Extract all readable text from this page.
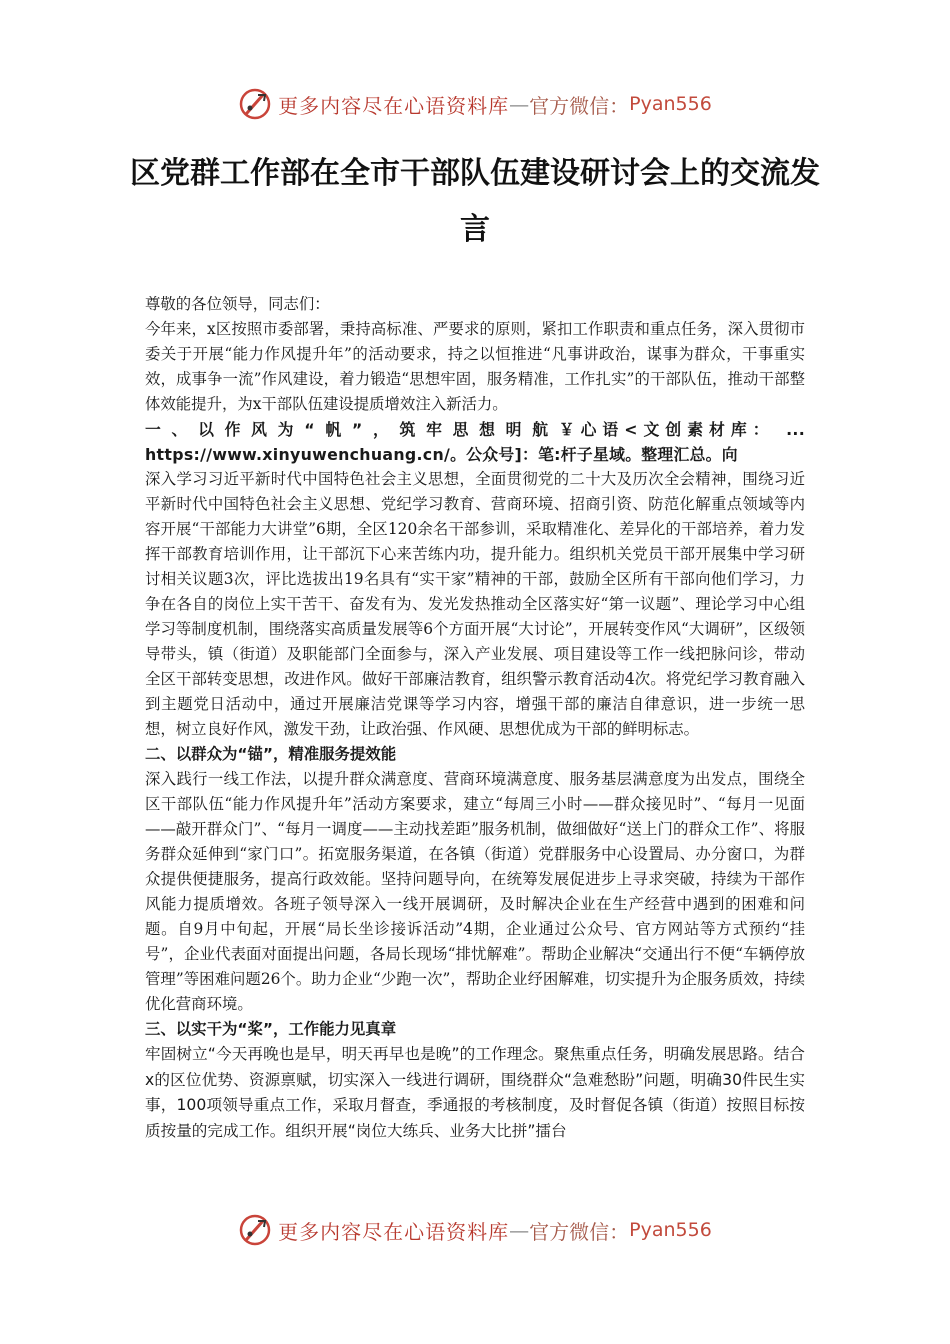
更多内容尽在心语资料库 — 官方微信： Pyan556
区党群工作部在全市干部队伍建设研讨会上的交流发言

尊敬的各位领导，同志们：

今年来，x区按照市委部署，秉持高标准、严要求的原则，紧扣工作职责和重点任务，深入贯彻市委关于开展“能力作风提升年”的活动要求，持之以恒推进“凡事讲政治，谋事为群众，干事重实效，成事争一流”作风建设，着力锻造“思想牢固，服务精准，工作扎实”的干部队伍，推动干部整体效能提升，为x干部队伍建设提质增效注入新活力。

一、以作风为“帆”，筑牢思想明航￥心语<文创素材库： ... https://www.xinyuwenchuang.cn/。公众号]：笔:杆子星域。整理汇总。向

深入学习习近平新时代中国特色社会主义思想，全面贯彻党的二十大及历次全会精神，围绕习近平新时代中国特色社会主义思想、党纪学习教育、营商环境、招商引资、防范化解重点领域等内容开展“干部能力大讲堂”6期，全区120余名干部参训，采取精准化、差异化的干部培养，着力发挥干部教育培训作用，让干部沉下心来苦练内功，提升能力。组织机关党员干部开展集中学习研讨相关议题3次，评比选拔出19名具有“实干家”精神的干部，鼓励全区所有干部向他们学习，力争在各自的岗位上实干苦干、奋发有为、发光发热推动全区落实好“第一议题”、理论学习中心组学习等制度机制，围绕落实高质量发展等6个方面开展“大讨论”，开展转变作风“大调研”，区级领导带头，镇（街道）及职能部门全面参与，深入产业发展、项目建设等工作一线把脉问诊，带动全区干部转变思想，改进作风。做好干部廉洁教育，组织警示教育活动4次。将党纪学习教育融入到主题党日活动中，通过开展廉洁党课等学习内容，增强干部的廉洁自律意识，进一步统一思想，树立良好作风，激发干劲，让政治强、作风硬、思想优成为干部的鲜明标志。

二、以群众为“锚”，精准服务提效能

深入践行一线工作法，以提升群众满意度、营商环境满意度、服务基层满意度为出发点，围绕全区干部队伍“能力作风提升年”活动方案要求，建立“每周三小时——群众接见时”、“每月一见面——敲开群众门”、“每月一调度——主动找差距”服务机制，做细做好“送上门的群众工作”、将服务群众延伸到“家门口”。拓宽服务渠道，在各镇（街道）党群服务中心设置局、办分窗口，为群众提供便捷服务，提高行政效能。坚持问题导向，在统筹发展促进步上寻求突破，持续为干部作风能力提质增效。各班子领导深入一线开展调研，及时解决企业在生产经营中遇到的困难和问题。自9月中旬起，开展“局长坐诊接诉活动”4期，企业通过公众号、官方网站等方式预约“挂号”，企业代表面对面提出问题，各局长现场“排忧解难”。帮助企业解决“交通出行不便“车辆停放管理”等困难问题26个。助力企业“少跑一次”，帮助企业纾困解难，切实提升为企服务质效，持续优化营商环境。

三、以实干为“桨”，工作能力见真章

牢固树立“今天再晚也是早，明天再早也是晚”的工作理念。聚焦重点任务，明确发展思路。结合x的区位优势、资源禀赋，切实深入一线进行调研，围绕群众“急难愁盼”问题，明确30件民生实事，100项领导重点工作，采取月督查，季通报的考核制度，及时督促各镇（街道）按照目标按质按量的完成工作。组织开展“岗位大练兵、业务大比拼”擂台

更多内容尽在心语资料库 — 官方微信： Pyan556
